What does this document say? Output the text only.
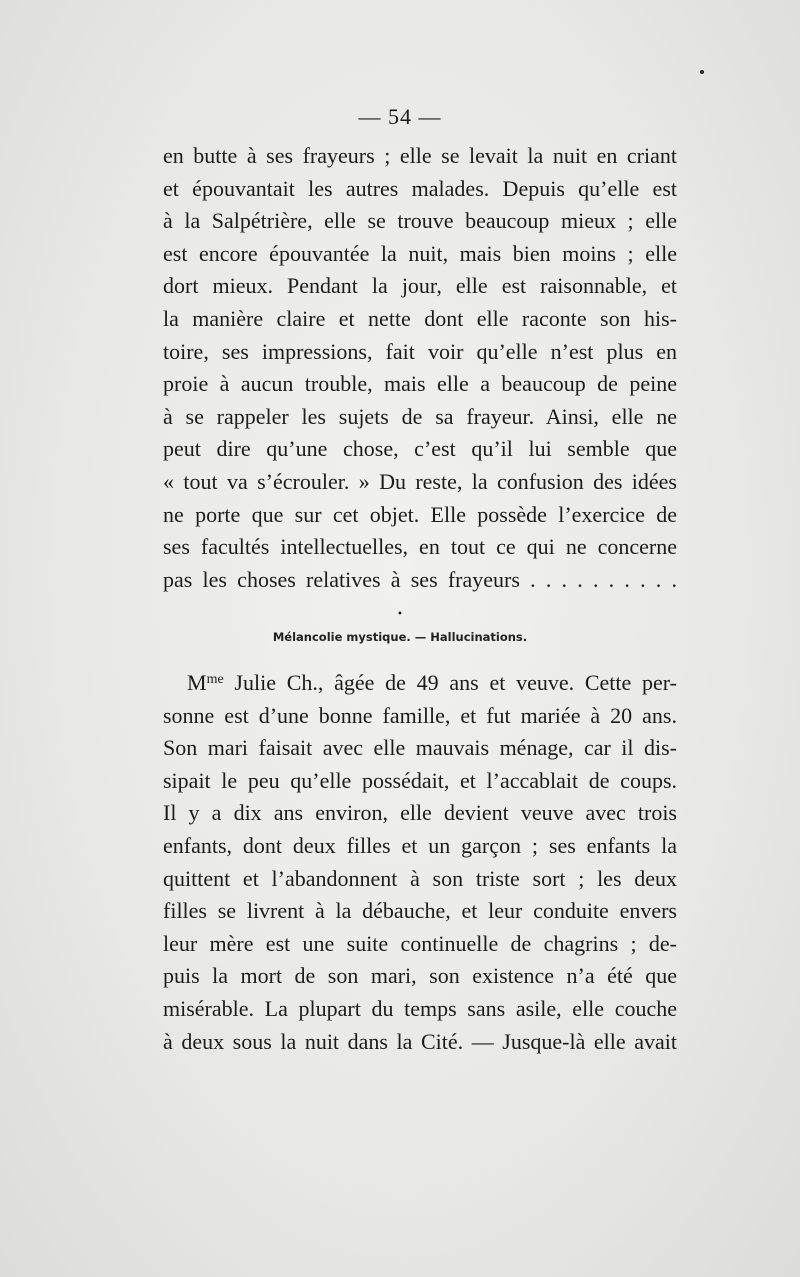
— 54 —
en butte à ses frayeurs ; elle se levait la nuit en criant
et épouvantait les autres malades. Depuis qu’elle est
à la Salpétrière, elle se trouve beaucoup mieux ; elle
est encore épouvantée la nuit, mais bien moins ; elle
dort mieux. Pendant la jour, elle est raisonnable, et
la manière claire et nette dont elle raconte son his-
toire, ses impressions, fait voir qu’elle n’est plus en
proie à aucun trouble, mais elle a beaucoup de peine
à se rappeler les sujets de sa frayeur. Ainsi, elle ne
peut dire qu’une chose, c’est qu’il lui semble que
« tout va s’écrouler. » Du reste, la confusion des idées
ne porte que sur cet objet. Elle possède l’exercice de
ses facultés intellectuelles, en tout ce qui ne concerne
pas les choses relatives à ses frayeurs . . . . . . . . . .
•
Mélancolie mystique. — Hallucinations.
$M^{me}$ Julie Ch., âgée de 49 ans et veuve. Cette per-
sonne est d’une bonne famille, et fut mariée à 20 ans.
Son mari faisait avec elle mauvais ménage, car il dis-
sipait le peu qu’elle possédait, et l’accablait de coups.
Il y a dix ans environ, elle devient veuve avec trois
enfants, dont deux filles et un garçon ; ses enfants la
quittent et l’abandonnent à son triste sort ; les deux
filles se livrent à la débauche, et leur conduite envers
leur mère est une suite continuelle de chagrins ; de-
puis la mort de son mari, son existence n’a été que
misérable. La plupart du temps sans asile, elle couche
à deux sous la nuit dans la Cité. — Jusque-là elle avait
